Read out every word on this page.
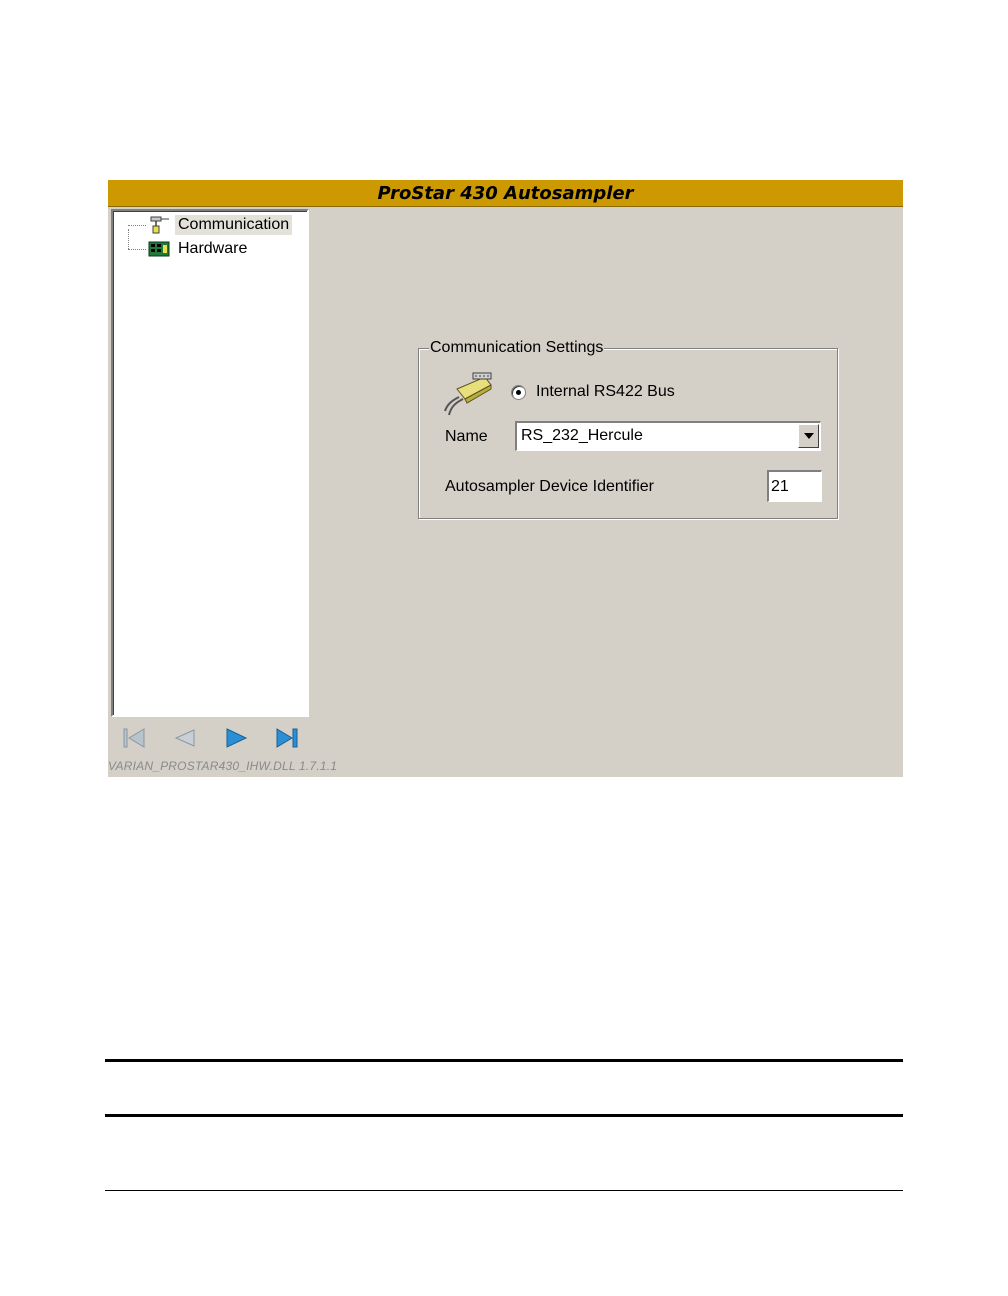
ProStar 430 Autosampler
Communication
Hardware
VARIAN_PROSTAR430_IHW.DLL 1.7.1.1
Communication Settings
Internal RS422 Bus
Name RS_232_Hercule
Autosampler Device Identifier
21
